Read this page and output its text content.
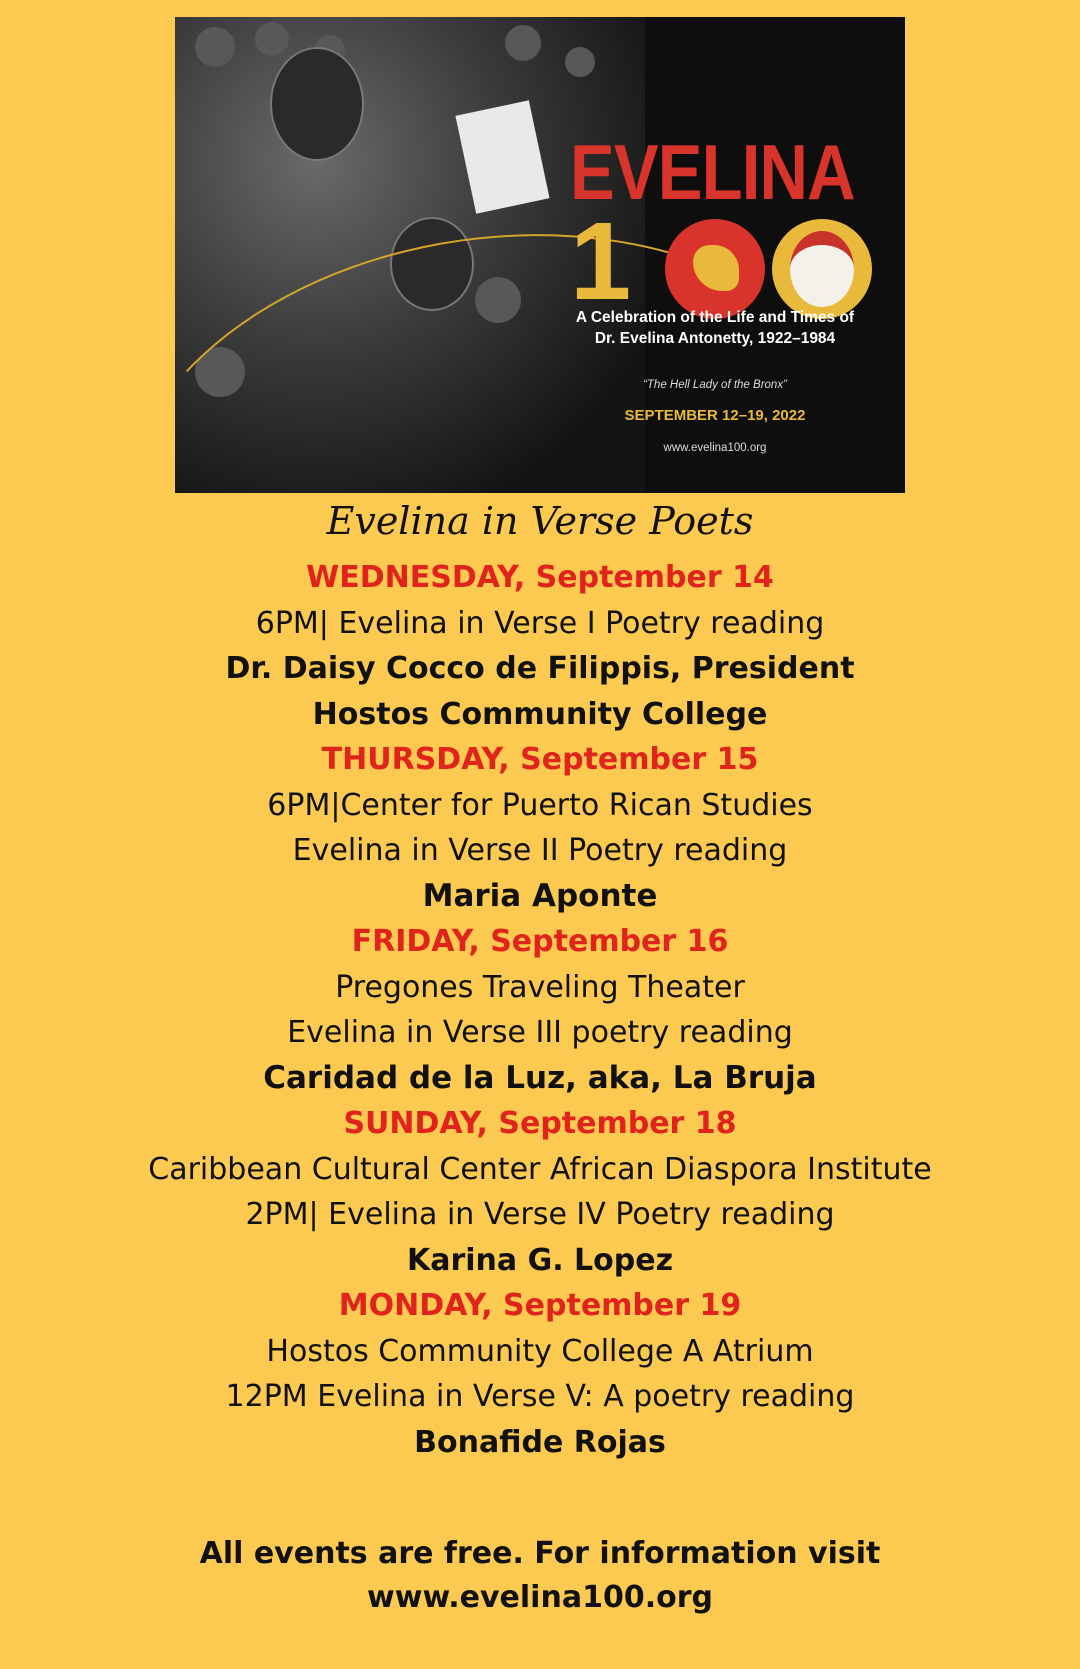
EVELINA
1
A Celebration of the Life and Times of
Dr. Evelina Antonetty, 1922–1984
“The Hell Lady of the Bronx”
SEPTEMBER 12–19, 2022
www.evelina100.org

Evelina in Verse Poets

WEDNESDAY, September 14

6PM| Evelina in Verse I Poetry reading

Dr. Daisy Cocco de Filippis, President

Hostos Community College

THURSDAY, September 15

6PM|Center for Puerto Rican Studies

Evelina in Verse II Poetry reading

Maria Aponte

FRIDAY, September 16

Pregones Traveling Theater

Evelina in Verse III poetry reading

Caridad de la Luz, aka, La Bruja

SUNDAY, September 18

Caribbean Cultural Center African Diaspora Institute

2PM| Evelina in Verse IV Poetry reading

Karina G. Lopez

MONDAY, September 19

Hostos Community College A Atrium

12PM Evelina in Verse V: A poetry reading

Bonafide Rojas

All events are free. For information visit

www.evelina100.org
